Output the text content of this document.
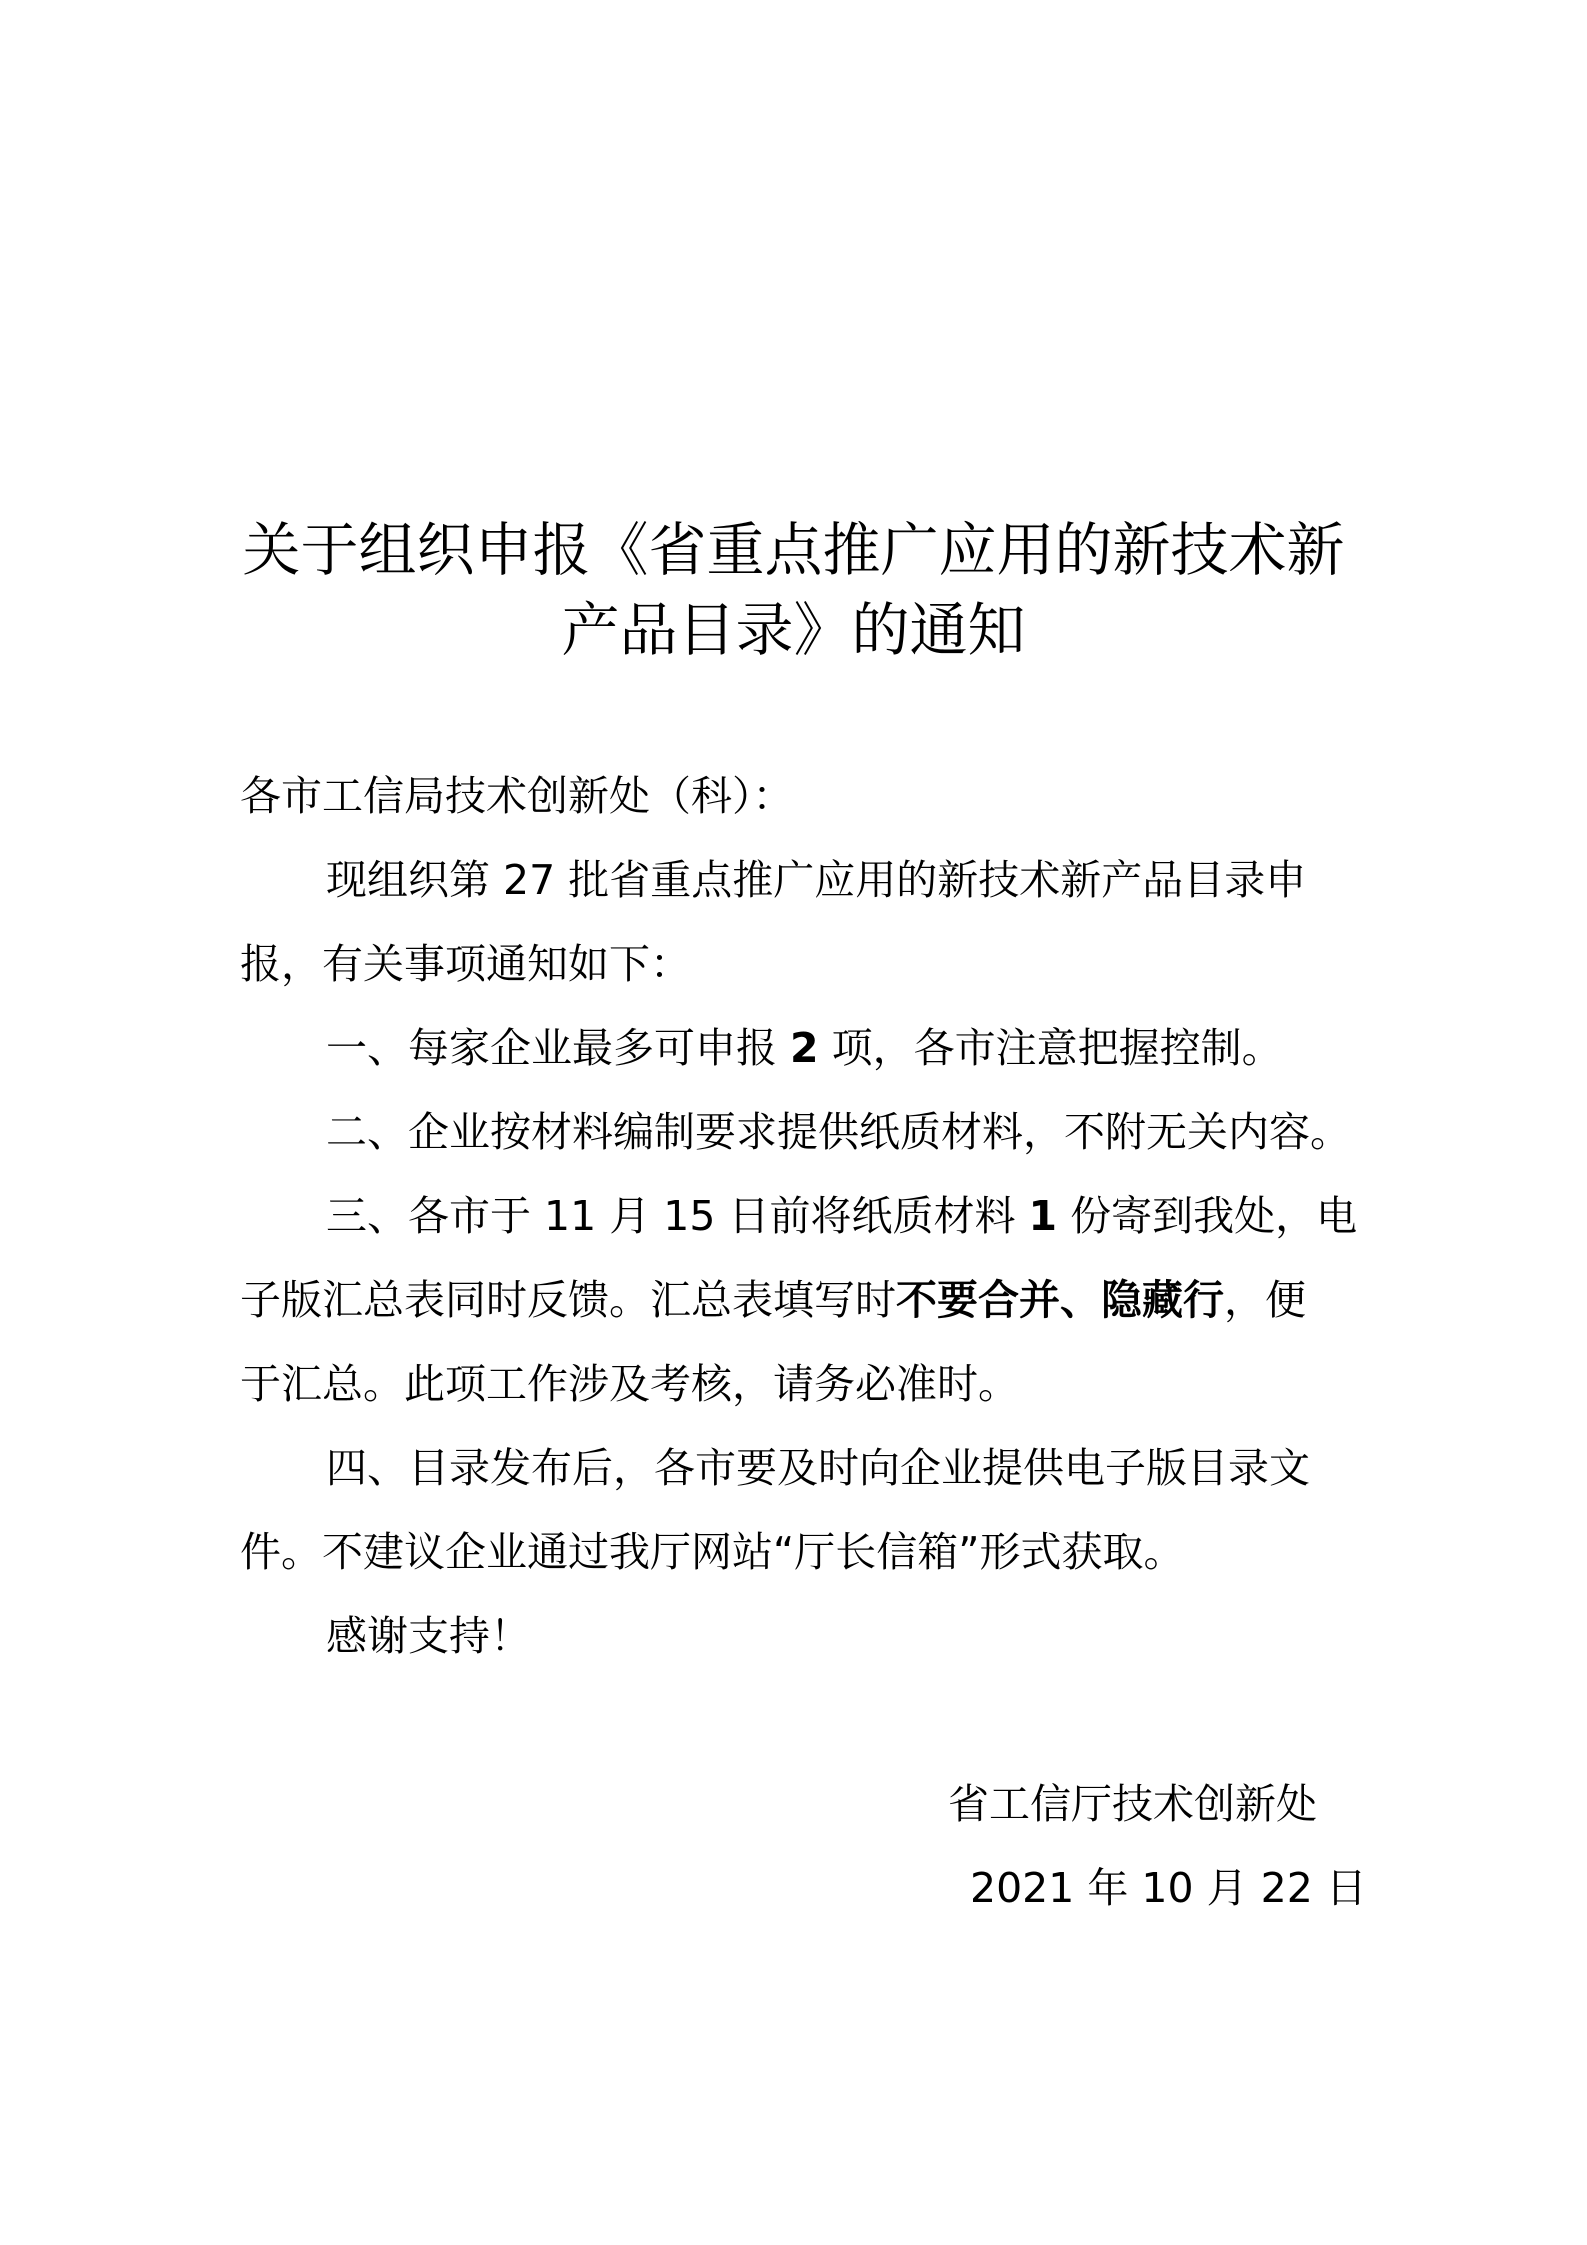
关于组织申报《省重点推广应用的新技术新
产品目录》的通知
各市工信局技术创新处（科）：
现组织第 27 批省重点推广应用的新技术新产品目录申
报，有关事项通知如下：
一、每家企业最多可申报 2 项，各市注意把握控制。
二、企业按材料编制要求提供纸质材料，不附无关内容。
三、各市于 11 月 15 日前将纸质材料 1 份寄到我处，电
子版汇总表同时反馈。汇总表填写时不要合并、隐藏行，便
于汇总。此项工作涉及考核，请务必准时。
四、目录发布后，各市要及时向企业提供电子版目录文
件。不建议企业通过我厅网站“厅长信箱”形式获取。
感谢支持！
省工信厅技术创新处
2021 年 10 月 22 日
